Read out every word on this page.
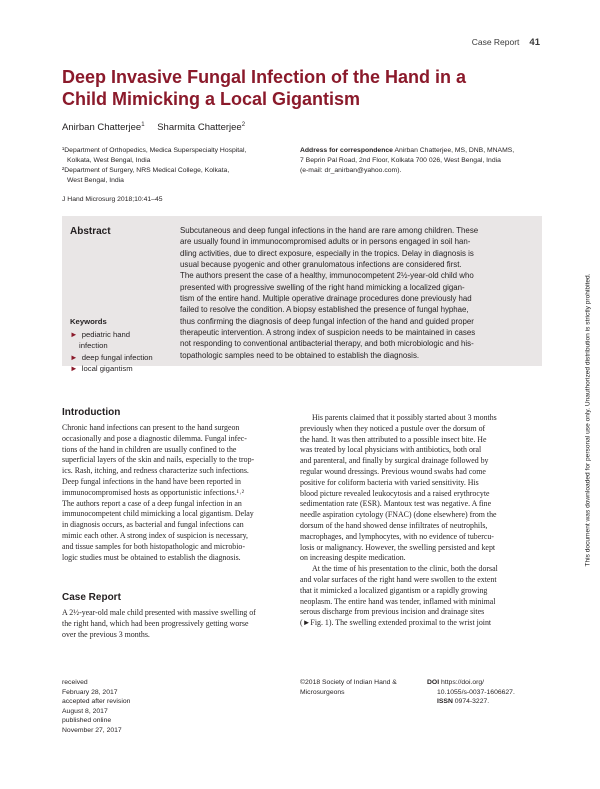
Case Report 41
Deep Invasive Fungal Infection of the Hand in a
Child Mimicking a Local Gigantism
Anirban Chatterjee$^1$ Sharmita Chatterjee$^2$
¹Department of Orthopedics, Medica Superspecialty Hospital,
Kolkata, West Bengal, India
²Department of Surgery, NRS Medical College, Kolkata,
West Bengal, India
Address for correspondence Anirban Chatterjee, MS, DNB, MNAMS,
7 Beprin Pal Road, 2nd Floor, Kolkata 700 026, West Bengal, India
(e-mail: dr_anirban@yahoo.com).
J Hand Microsurg 2018;10:41–45
Abstract	Subcutaneous and deep fungal infections in the hand are rare among children. These
are usually found in immunocompromised adults or in persons engaged in soil han-
dling activities, due to direct exposure, especially in the tropics. Delay in diagnosis is
usual because pyogenic and other granulomatous infections are considered first.
The authors present the case of a healthy, immunocompetent 2½-year-old child who
presented with progressive swelling of the right hand mimicking a localized gigan-
tism of the entire hand. Multiple operative drainage procedures done previously had
failed to resolve the condition. A biopsy established the presence of fungal hyphae,
thus confirming the diagnosis of deep fungal infection of the hand and guided proper
therapeutic intervention. A strong index of suspicion needs to be maintained in cases
not responding to conventional antibacterial therapy, and both microbiologic and his-
topathologic samples need to be obtained to establish the diagnosis.
Keywords
► pediatric hand
infection
► deep fungal infection
► local gigantism
Introduction
Chronic hand infections can present to the hand surgeon
occasionally and pose a diagnostic dilemma. Fungal infec-
tions of the hand in children are usually confined to the
superficial layers of the skin and nails, especially to the trop-
ics. Rash, itching, and redness characterize such infections.
Deep fungal infections in the hand have been reported in
immunocompromised hosts as opportunistic infections.¹˒²
The authors report a case of a deep fungal infection in an
immunocompetent child mimicking a local gigantism. Delay
in diagnosis occurs, as bacterial and fungal infections can
mimic each other. A strong index of suspicion is necessary,
and tissue samples for both histopathologic and microbio-
logic studies must be obtained to establish the diagnosis.
Case Report
A 2½-year-old male child presented with massive swelling of
the right hand, which had been progressively getting worse
over the previous 3 months.
His parents claimed that it possibly started about 3 months
previously when they noticed a pustule over the dorsum of
the hand. It was then attributed to a possible insect bite. He
was treated by local physicians with antibiotics, both oral
and parenteral, and finally by surgical drainage followed by
regular wound dressings. Previous wound swabs had come
positive for coliform bacteria with varied sensitivity. His
blood picture revealed leukocytosis and a raised erythrocyte
sedimentation rate (ESR). Mantoux test was negative. A fine
needle aspiration cytology (FNAC) (done elsewhere) from the
dorsum of the hand showed dense infiltrates of neutrophils,
macrophages, and lymphocytes, with no evidence of tubercu-
losis or malignancy. However, the swelling persisted and kept
on increasing despite medication.
At the time of his presentation to the clinic, both the dorsal
and volar surfaces of the right hand were swollen to the extent
that it mimicked a localized gigantism or a rapidly growing
neoplasm. The entire hand was tender, inflamed with minimal
serous discharge from previous incision and drainage sites
(►Fig. 1). The swelling extended proximal to the wrist joint
received
February 28, 2017
accepted after revision
August 8, 2017
published online
November 27, 2017
©2018 Society of Indian Hand &
Microsurgeons
DOI https://doi.org/
10.1055/s-0037-1606627.
ISSN 0974-3227.
This document was downloaded for personal use only. Unauthorized distribution is strictly prohibited.
